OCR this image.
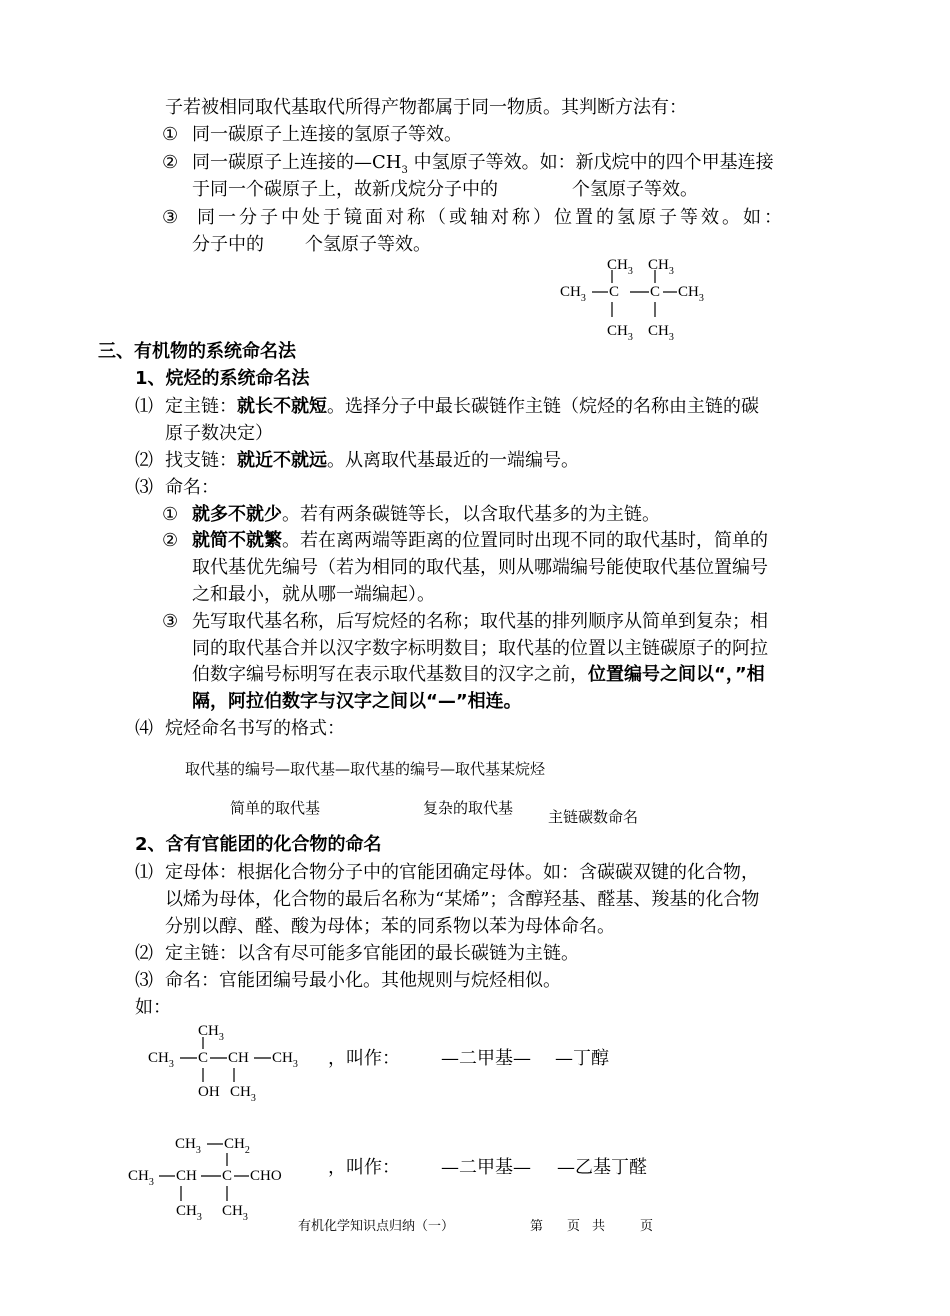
子若被相同取代基取代所得产物都属于同一物质。其判断方法有：
① 同一碳原子上连接的氢原子等效。
② 同一碳原子上连接的$—CH_3$ 中氢原子等效。如：新戊烷中的四个甲基连接
于同一个碳原子上，故新戊烷分子中的	个氢原子等效。
③ 同一分子中处于镜面对称（或轴对称）位置的氢原子等效。如：
分子中的 个氢原子等效。
$CH_3$ $CH_3$
$CH_3$ C C $CH_3$
$CH_3$ $CH_3$
三、有机物的系统命名法
1、烷烃的系统命名法
⑴ 定主链：就长不就短。选择分子中最长碳链作主链（烷烃的名称由主链的碳
原子数决定）
⑵ 找支链：就近不就远。从离取代基最近的一端编号。
⑶ 命名：
① 就多不就少。若有两条碳链等长，以含取代基多的为主链。
② 就简不就繁。若在离两端等距离的位置同时出现不同的取代基时，简单的
取代基优先编号（若为相同的取代基，则从哪端编号能使取代基位置编号
之和最小，就从哪一端编起）。
③ 先写取代基名称，后写烷烃的名称；取代基的排列顺序从简单到复杂；相
同的取代基合并以汉字数字标明数目；取代基的位置以主链碳原子的阿拉
伯数字编号标明写在表示取代基数目的汉字之前，位置编号之间以“，”相
隔，阿拉伯数字与汉字之间以“—”相连。
⑷ 烷烃命名书写的格式：
取代基的编号—取代基—取代基的编号—取代基某烷烃
简单的取代基	复杂的取代基 主链碳数命名
2、含有官能团的化合物的命名
⑴ 定母体：根据化合物分子中的官能团确定母体。如：含碳碳双键的化合物，
以烯为母体，化合物的最后名称为“某烯”；含醇羟基、醛基、羧基的化合物
分别以醇、醛、酸为母体；苯的同系物以苯为母体命名。
⑵ 定主链：以含有尽可能多官能团的最长碳链为主链。
⑶ 命名：官能团编号最小化。其他规则与烷烃相似。
如：
$CH_3$
$CH_3$ C CH $CH_3$
OH $CH_3$
，叫作： —二甲基— —丁醇
$CH_3$ $CH_2$
$CH_3$ CH C CHO
$CH_3$ $CH_3$
，叫作： —二甲基— —乙基丁醛
有机化学知识点归纳（一）	第 页 共	页
